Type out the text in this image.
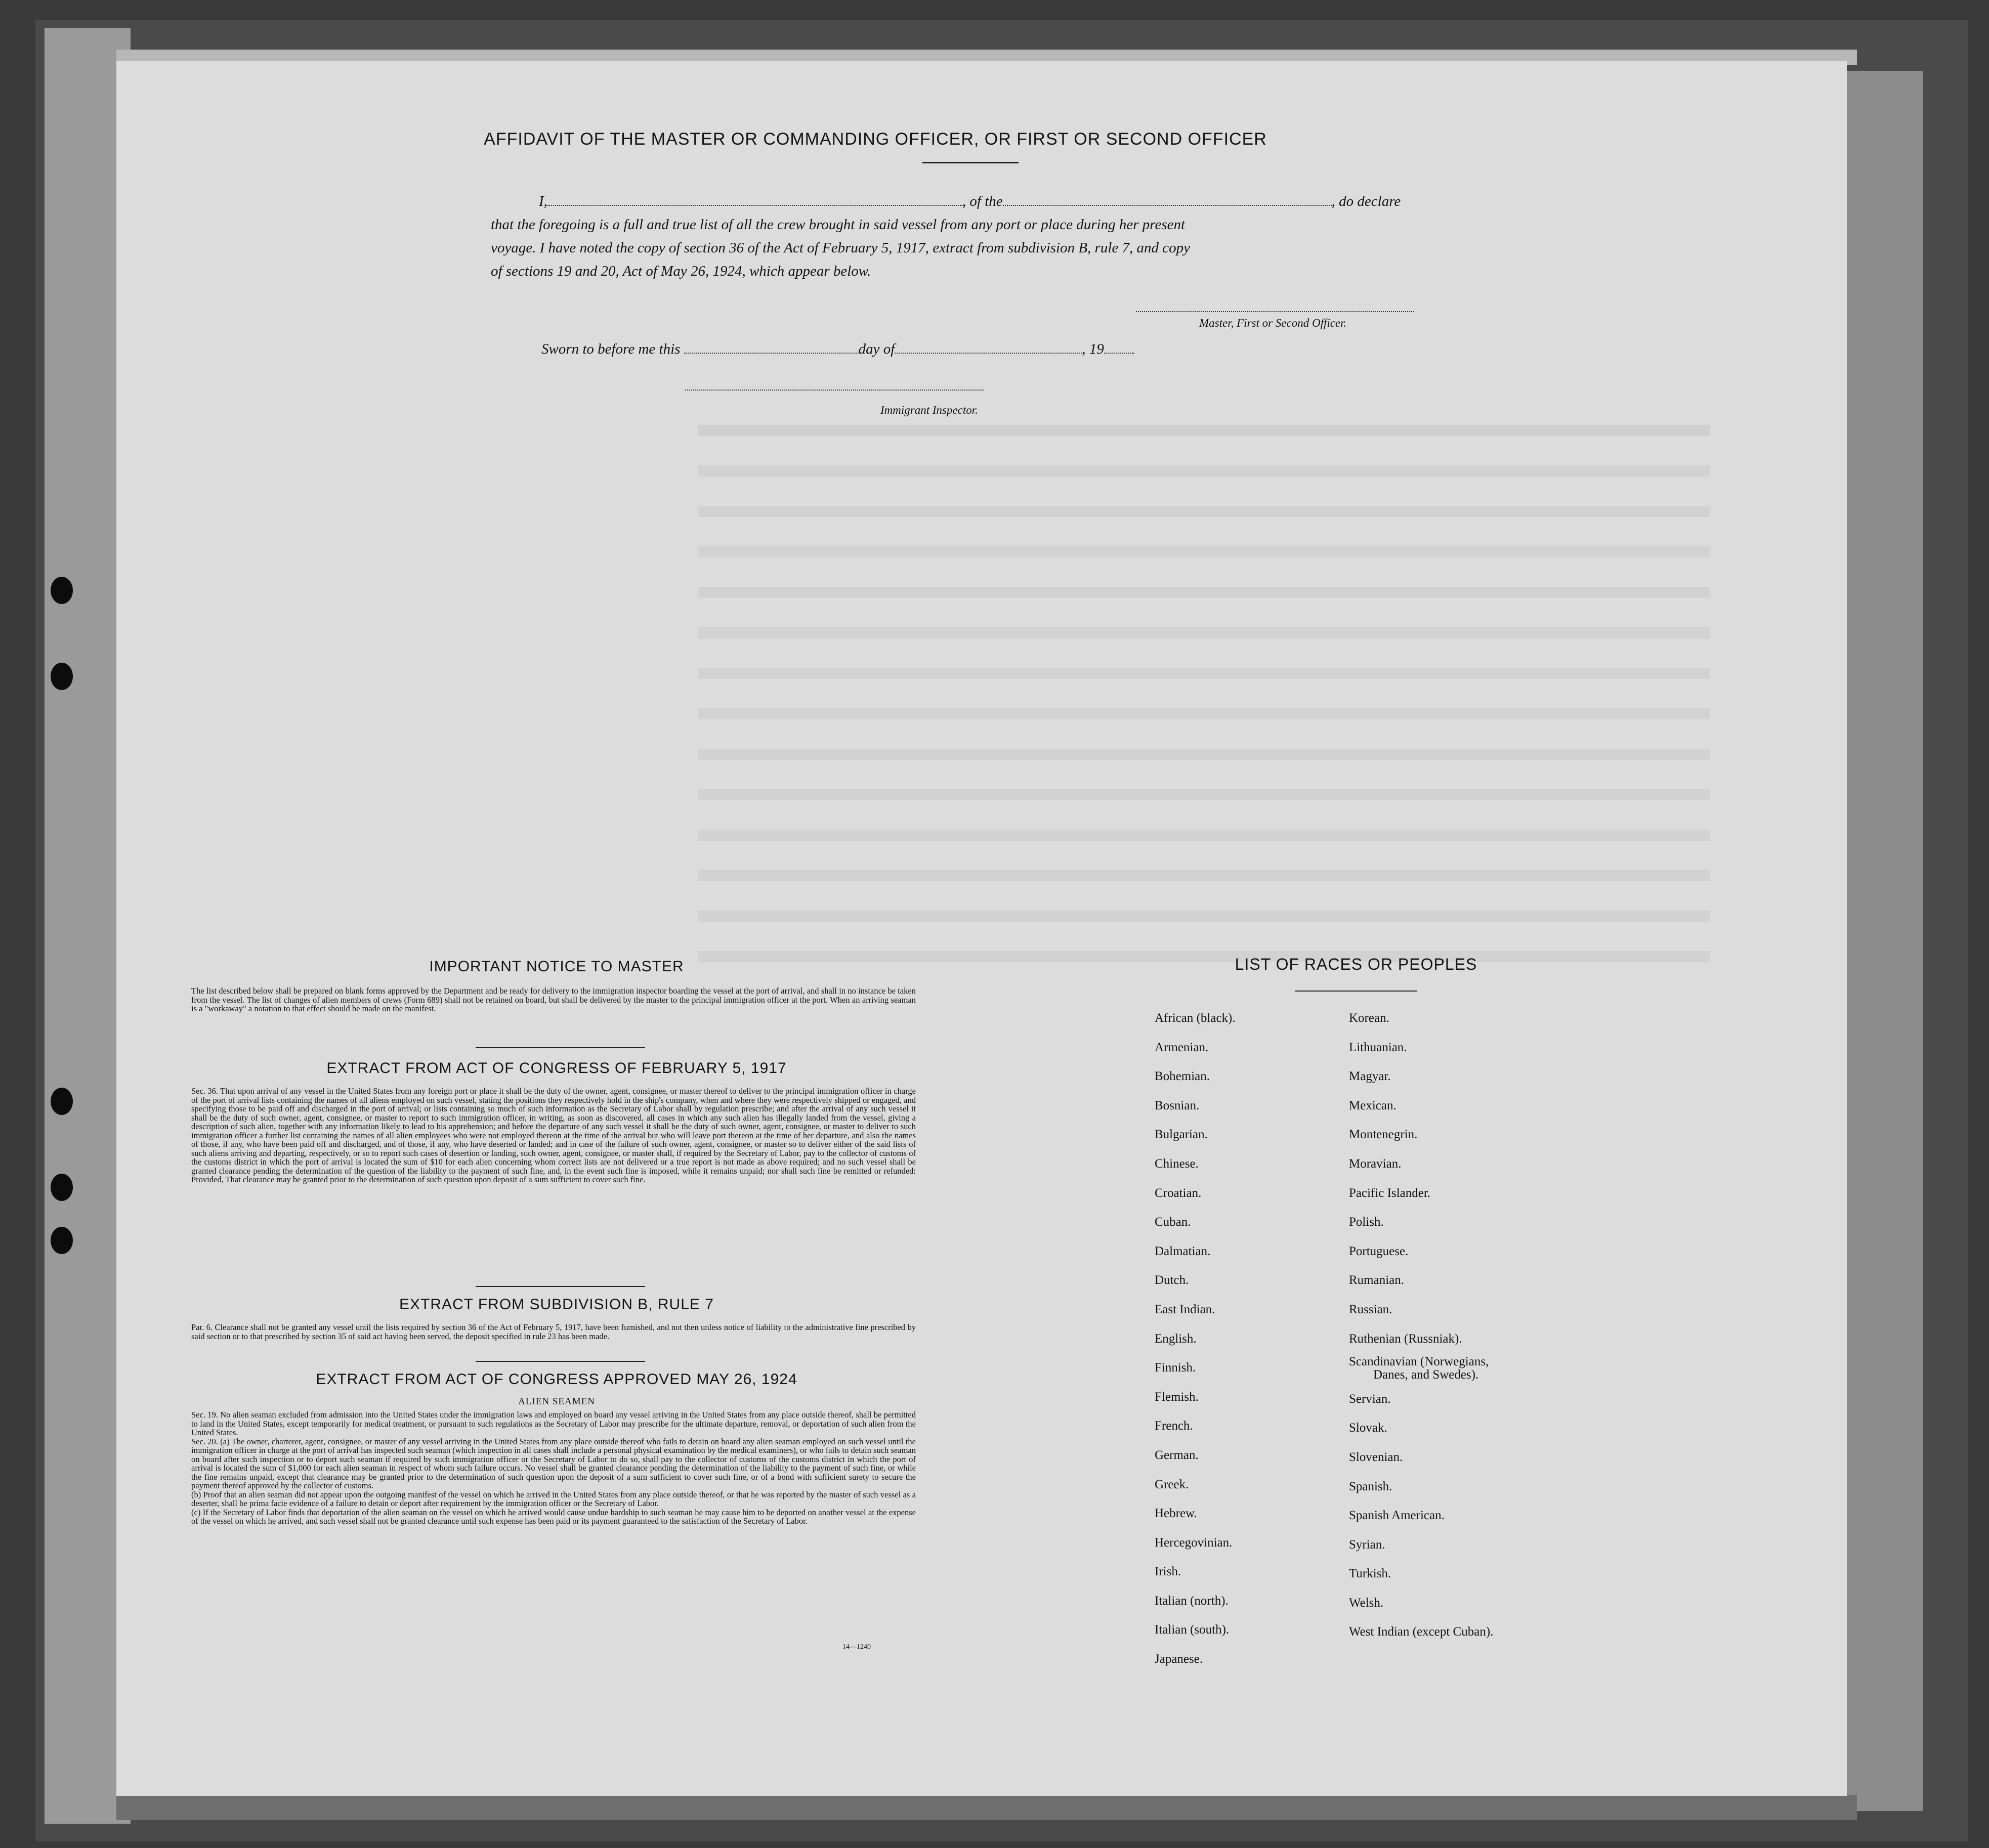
AFFIDAVIT OF THE MASTER OR COMMANDING OFFICER, OR FIRST OR SECOND OFFICER
I,	, of the	, do declare
that the foregoing is a full and true list of all the crew brought in said vessel from any port or place during her present
voyage. I have noted the copy of section 36 of the Act of February 5, 1917, extract from subdivision B, rule 7, and copy
of sections 19 and 20, Act of May 26, 1924, which appear below.
Master, First or Second Officer.
Sworn to before me this	day of	, 19
Immigrant Inspector.
IMPORTANT NOTICE TO MASTER

The list described below shall be prepared on blank forms approved by the Department and be ready for delivery to the immigration inspector boarding the vessel at the port of arrival, and shall in no instance be taken from the vessel. The list of changes of alien members of crews (Form 689) shall not be retained on board, but shall be delivered by the master to the principal immigration officer at the port. When an arriving seaman is a "workaway" a notation to that effect should be made on the manifest.

EXTRACT FROM ACT OF CONGRESS OF FEBRUARY 5, 1917

Sec. 36. That upon arrival of any vessel in the United States from any foreign port or place it shall be the duty of the owner, agent, consignee, or master thereof to deliver to the principal immigration officer in charge of the port of arrival lists containing the names of all aliens employed on such vessel, stating the positions they respectively hold in the ship's company, when and where they were respectively shipped or engaged, and specifying those to be paid off and discharged in the port of arrival; or lists containing so much of such information as the Secretary of Labor shall by regulation prescribe; and after the arrival of any such vessel it shall be the duty of such owner, agent, consignee, or master to report to such immigration officer, in writing, as soon as discovered, all cases in which any such alien has illegally landed from the vessel, giving a description of such alien, together with any information likely to lead to his apprehension; and before the departure of any such vessel it shall be the duty of such owner, agent, consignee, or master to deliver to such immigration officer a further list containing the names of all alien employees who were not employed thereon at the time of the arrival but who will leave port thereon at the time of her departure, and also the names of those, if any, who have been paid off and discharged, and of those, if any, who have deserted or landed; and in case of the failure of such owner, agent, consignee, or master so to deliver either of the said lists of such aliens arriving and departing, respectively, or so to report such cases of desertion or landing, such owner, agent, consignee, or master shall, if required by the Secretary of Labor, pay to the collector of customs of the customs district in which the port of arrival is located the sum of $10 for each alien concerning whom correct lists are not delivered or a true report is not made as above required; and no such vessel shall be granted clearance pending the determination of the question of the liability to the payment of such fine, and, in the event such fine is imposed, while it remains unpaid; nor shall such fine be remitted or refunded: Provided, That clearance may be granted prior to the determination of such question upon deposit of a sum sufficient to cover such fine.

EXTRACT FROM SUBDIVISION B, RULE 7

Par. 6. Clearance shall not be granted any vessel until the lists required by section 36 of the Act of February 5, 1917, have been furnished, and not then unless notice of liability to the administrative fine prescribed by said section or to that prescribed by section 35 of said act having been served, the deposit specified in rule 23 has been made.

EXTRACT FROM ACT OF CONGRESS APPROVED MAY 26, 1924
ALIEN SEAMEN

Sec. 19. No alien seaman excluded from admission into the United States under the immigration laws and employed on board any vessel arriving in the United States from any place outside thereof, shall be permitted to land in the United States, except temporarily for medical treatment, or pursuant to such regulations as the Secretary of Labor may prescribe for the ultimate departure, removal, or deportation of such alien from the United States.

Sec. 20. (a) The owner, charterer, agent, consignee, or master of any vessel arriving in the United States from any place outside thereof who fails to detain on board any alien seaman employed on such vessel until the immigration officer in charge at the port of arrival has inspected such seaman (which inspection in all cases shall include a personal physical examination by the medical examiners), or who fails to detain such seaman on board after such inspection or to deport such seaman if required by such immigration officer or the Secretary of Labor to do so, shall pay to the collector of customs of the customs district in which the port of arrival is located the sum of $1,000 for each alien seaman in respect of whom such failure occurs. No vessel shall be granted clearance pending the determination of the liability to the payment of such fine, or while the fine remains unpaid, except that clearance may be granted prior to the determination of such question upon the deposit of a sum sufficient to cover such fine, or of a bond with sufficient surety to secure the payment thereof approved by the collector of customs.

(b) Proof that an alien seaman did not appear upon the outgoing manifest of the vessel on which he arrived in the United States from any place outside thereof, or that he was reported by the master of such vessel as a deserter, shall be prima facie evidence of a failure to detain or deport after requirement by the immigration officer or the Secretary of Labor.

(c) If the Secretary of Labor finds that deportation of the alien seaman on the vessel on which he arrived would cause undue hardship to such seaman he may cause him to be deported on another vessel at the expense of the vessel on which he arrived, and such vessel shall not be granted clearance until such expense has been paid or its payment guaranteed to the satisfaction of the Secretary of Labor.

14—1240
LIST OF RACES OR PEOPLES
African (black).
Armenian.
Bohemian.
Bosnian.
Bulgarian.
Chinese.
Croatian.
Cuban.
Dalmatian.
Dutch.
East Indian.
English.
Finnish.
Flemish.
French.
German.
Greek.
Hebrew.
Hercegovinian.
Irish.
Italian (north).
Italian (south).
Japanese.
Korean.
Lithuanian.
Magyar.
Mexican.
Montenegrin.
Moravian.
Pacific Islander.
Polish.
Portuguese.
Rumanian.
Russian.
Ruthenian (Russniak).
Scandinavian (Norwegians,
Danes, and Swedes).
Servian.
Slovak.
Slovenian.
Spanish.
Spanish American.
Syrian.
Turkish.
Welsh.
West Indian (except Cuban).
